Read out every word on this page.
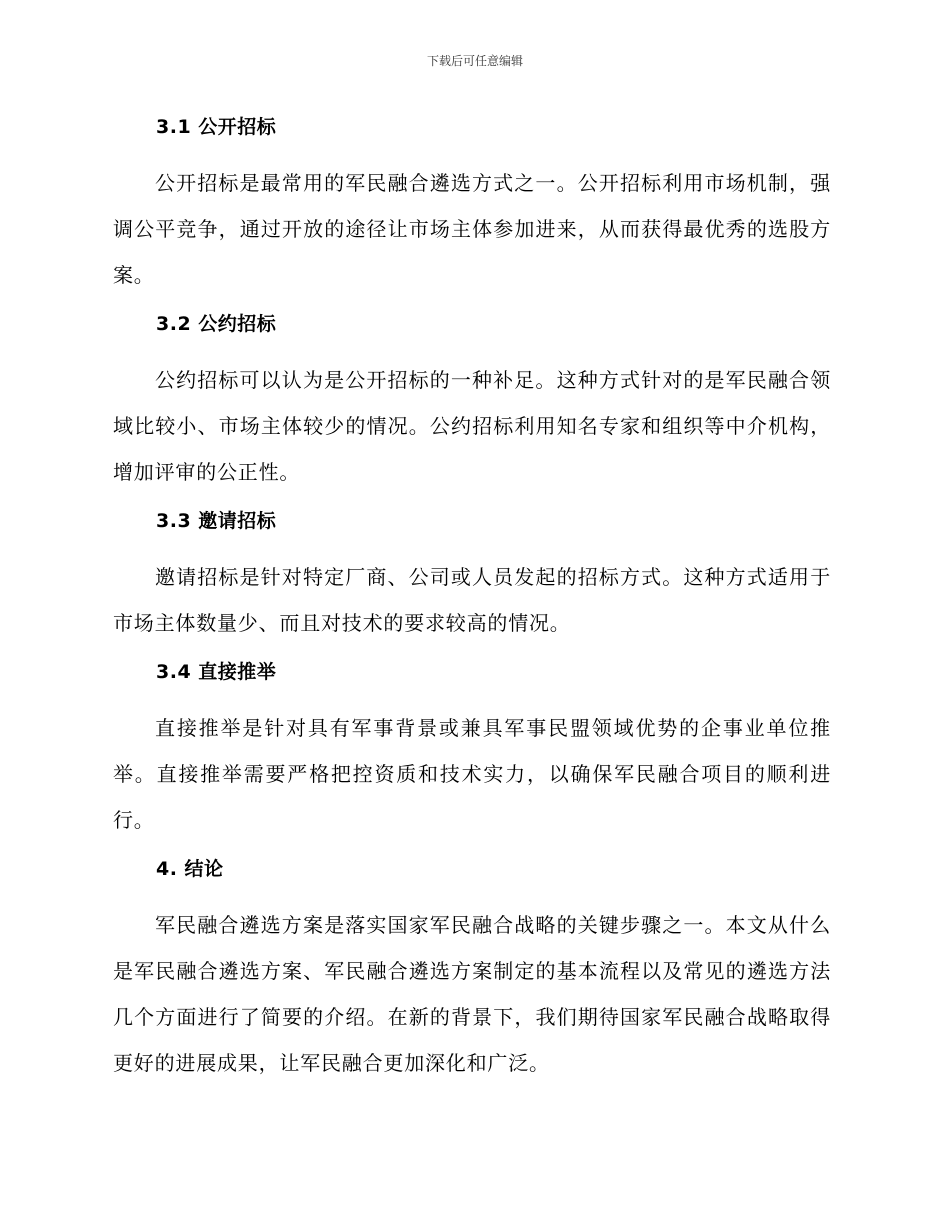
下载后可任意编辑
3.1 公开招标

公开招标是最常用的军民融合遴选方式之一。公开招标利用市场机制，强调公平竞争，通过开放的途径让市场主体参加进来，从而获得最优秀的选股方案。

3.2 公约招标

公约招标可以认为是公开招标的一种补足。这种方式针对的是军民融合领域比较小、市场主体较少的情况。公约招标利用知名专家和组织等中介机构，增加评审的公正性。

3.3 邀请招标

邀请招标是针对特定厂商、公司或人员发起的招标方式。这种方式适用于市场主体数量少、而且对技术的要求较高的情况。

3.4 直接推举

直接推举是针对具有军事背景或兼具军事民盟领域优势的企事业单位推举。直接推举需要严格把控资质和技术实力，以确保军民融合项目的顺利进行。

4. 结论

军民融合遴选方案是落实国家军民融合战略的关键步骤之一。本文从什么是军民融合遴选方案、军民融合遴选方案制定的基本流程以及常见的遴选方法几个方面进行了简要的介绍。在新的背景下，我们期待国家军民融合战略取得更好的进展成果，让军民融合更加深化和广泛。
